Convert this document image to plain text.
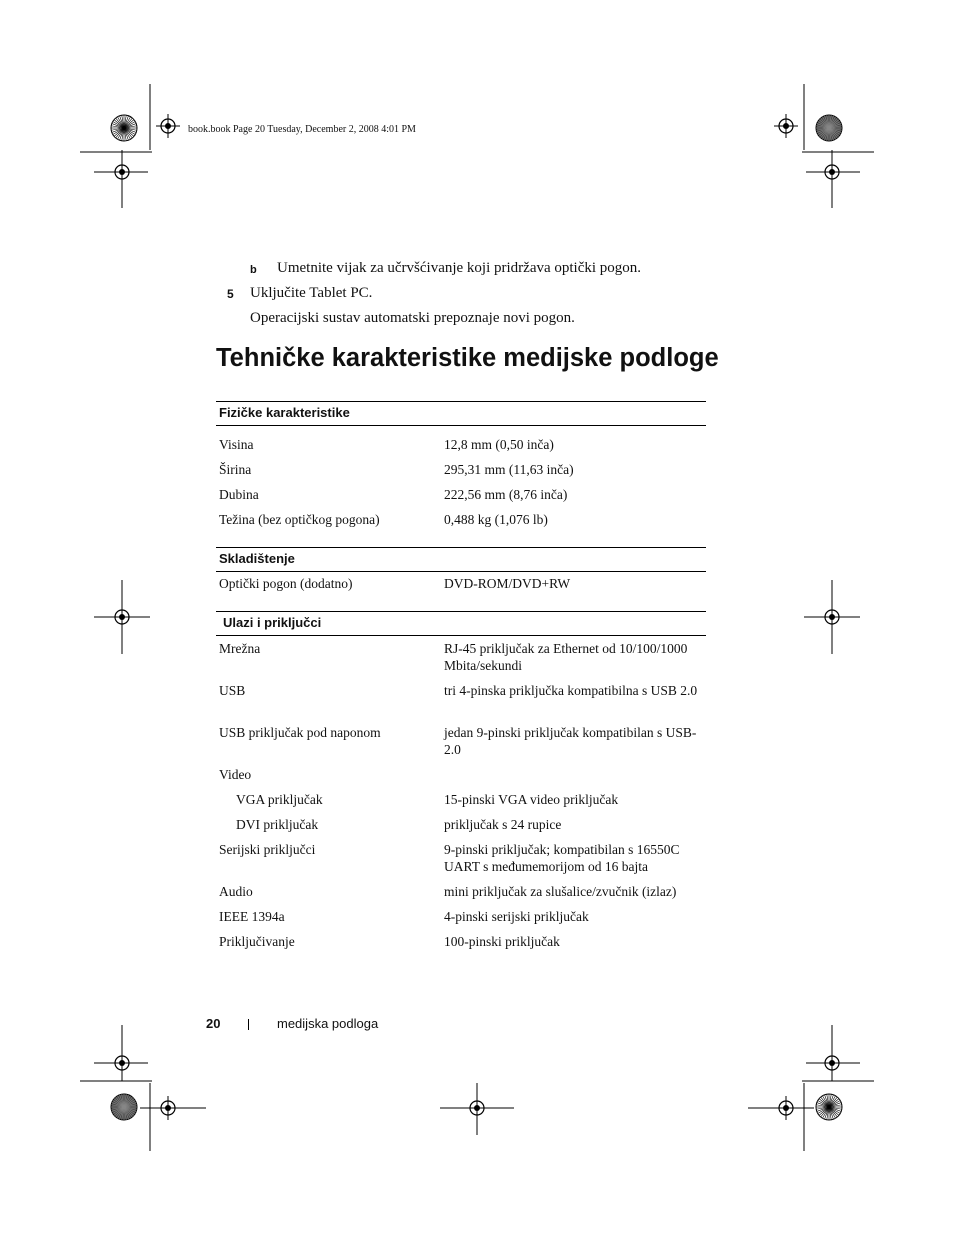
book.book Page 20 Tuesday, December 2, 2008 4:01 PM
b Umetnite vijak za učrvšćivanje koji pridržava optički pogon.
5 Uključite Tablet PC.
Operacijski sustav automatski prepoznaje novi pogon.
Tehničke karakteristike medijske podloge
Fizičke karakteristike
Visina	12,8 mm (0,50 inča)
Širina	295,31 mm (11,63 inča)
Dubina	222,56 mm (8,76 inča)
Težina (bez optičkog pogona)	0,488 kg (1,076 lb)
Skladištenje
Optički pogon (dodatno)	DVD-ROM/DVD+RW
Ulazi i priključci
Mrežna	RJ-45 priključak za Ethernet od 10/100/1000 Mbita/sekundi
USB	tri 4-pinska priključka kompatibilna s USB 2.0
USB priključak pod naponom	jedan 9-pinski priključak kompatibilan s USB-2.0
Video
VGA priključak	15-pinski VGA video priključak
DVI priključak	priključak s 24 rupice
Serijski priključci	9-pinski priključak; kompatibilan s 16550C UART s međumemorijom od 16 bajta
Audio	mini priključak za slušalice/zvučnik (izlaz)
IEEE 1394a	4-pinski serijski priključak
Priključivanje	100-pinski priključak
20	medijska podloga
